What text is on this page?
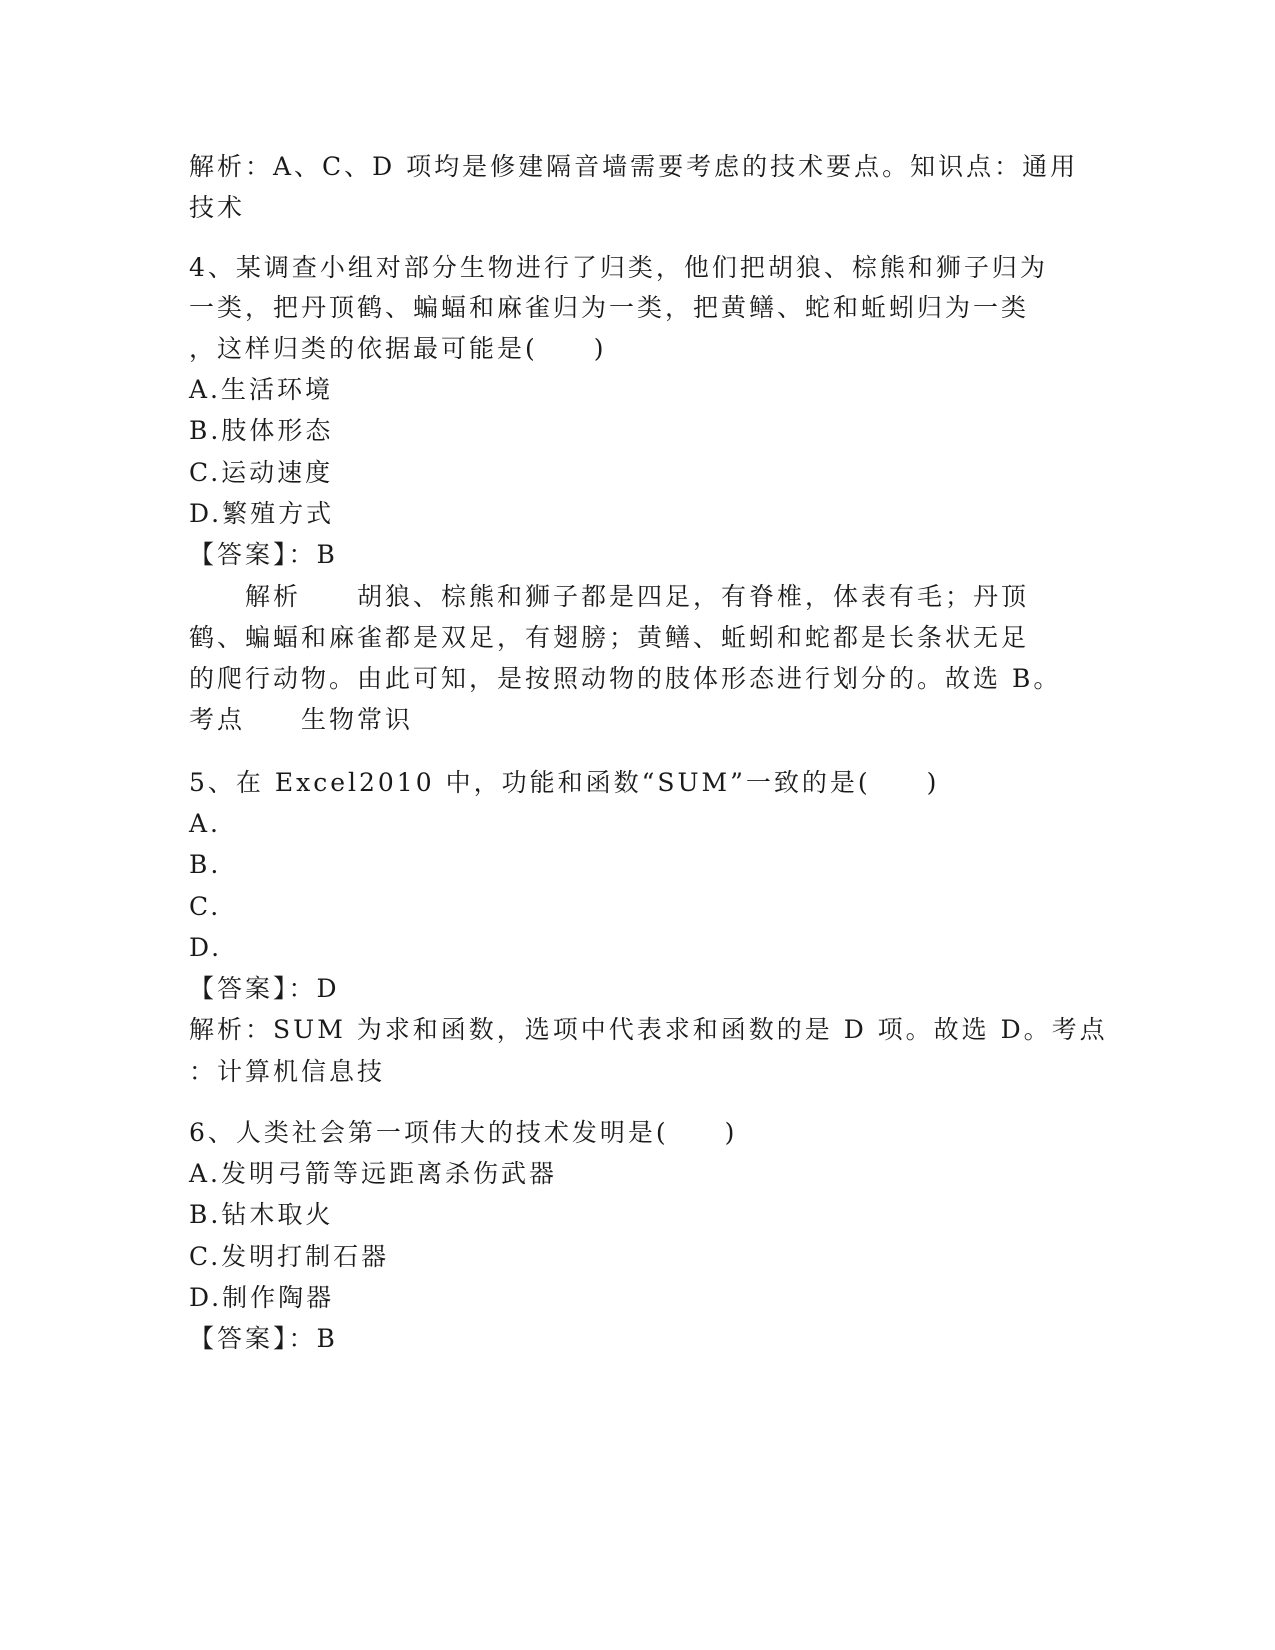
解析：A、C、D 项均是修建隔音墙需要考虑的技术要点。知识点：通用
技术
4、某调查小组对部分生物进行了归类，他们把胡狼、棕熊和狮子归为
一类，把丹顶鹤、蝙蝠和麻雀归为一类，把黄鳝、蛇和蚯蚓归为一类
，这样归类的依据最可能是(　　)
A.生活环境
B.肢体形态
C.运动速度
D.繁殖方式
【答案】：B
　　解析　　胡狼、棕熊和狮子都是四足，有脊椎，体表有毛；丹顶
鹤、蝙蝠和麻雀都是双足，有翅膀；黄鳝、蚯蚓和蛇都是长条状无足
的爬行动物。由此可知，是按照动物的肢体形态进行划分的。故选 B。
考点　　生物常识
5、在 Excel2010 中，功能和函数“SUM”一致的是(　　)
A.
B.
C.
D.
【答案】：D
解析：SUM 为求和函数，选项中代表求和函数的是 D 项。故选 D。考点
：计算机信息技
6、人类社会第一项伟大的技术发明是(　　)
A.发明弓箭等远距离杀伤武器
B.钻木取火
C.发明打制石器
D.制作陶器
【答案】：B
